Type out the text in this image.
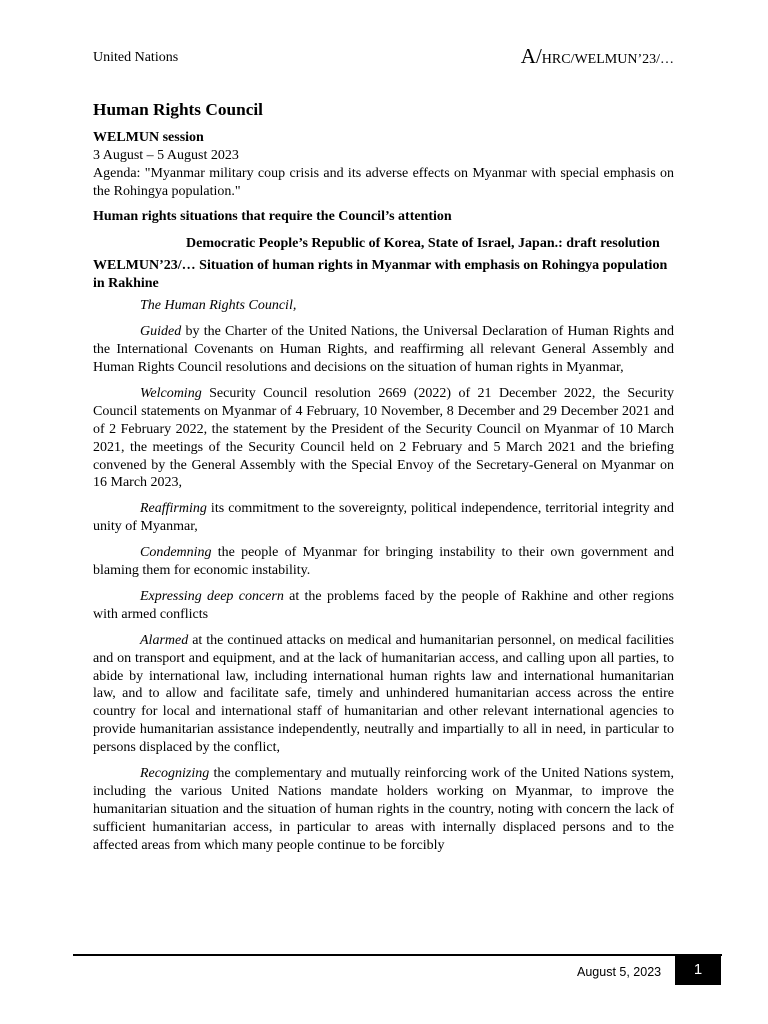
United Nations	A/HRC/WELMUN’23/…
Human Rights Council
WELMUN session
3 August – 5 August 2023
Agenda: "Myanmar military coup crisis and its adverse effects on Myanmar with special emphasis on the Rohingya population."
Human rights situations that require the Council’s attention
Democratic People’s Republic of Korea, State of Israel, Japan.: draft resolution
WELMUN’23/… Situation of human rights in Myanmar with emphasis on Rohingya population in Rakhine
The Human Rights Council,

Guided by the Charter of the United Nations, the Universal Declaration of Human Rights and the International Covenants on Human Rights, and reaffirming all relevant General Assembly and Human Rights Council resolutions and decisions on the situation of human rights in Myanmar,

Welcoming Security Council resolution 2669 (2022) of 21 December 2022, the Security Council statements on Myanmar of 4 February, 10 November, 8 December and 29 December 2021 and of 2 February 2022, the statement by the President of the Security Council on Myanmar of 10 March 2021, the meetings of the Security Council held on 2 February and 5 March 2021 and the briefing convened by the General Assembly with the Special Envoy of the Secretary-General on Myanmar on 16 March 2023,

Reaffirming its commitment to the sovereignty, political independence, territorial integrity and unity of Myanmar,

Condemning the people of Myanmar for bringing instability to their own government and blaming them for economic instability.

Expressing deep concern at the problems faced by the people of Rakhine and other regions with armed conflicts

Alarmed at the continued attacks on medical and humanitarian personnel, on medical facilities and on transport and equipment, and at the lack of humanitarian access, and calling upon all parties, to abide by international law, including international human rights law and international humanitarian law, and to allow and facilitate safe, timely and unhindered humanitarian access across the entire country for local and international staff of humanitarian and other relevant international agencies to provide humanitarian assistance independently, neutrally and impartially to all in need, in particular to persons displaced by the conflict,

Recognizing the complementary and mutually reinforcing work of the United Nations system, including the various United Nations mandate holders working on Myanmar, to improve the humanitarian situation and the situation of human rights in the country, noting with concern the lack of sufficient humanitarian access, in particular to areas with internally displaced persons and to the affected areas from which many people continue to be forcibly

August 5, 2023	1
